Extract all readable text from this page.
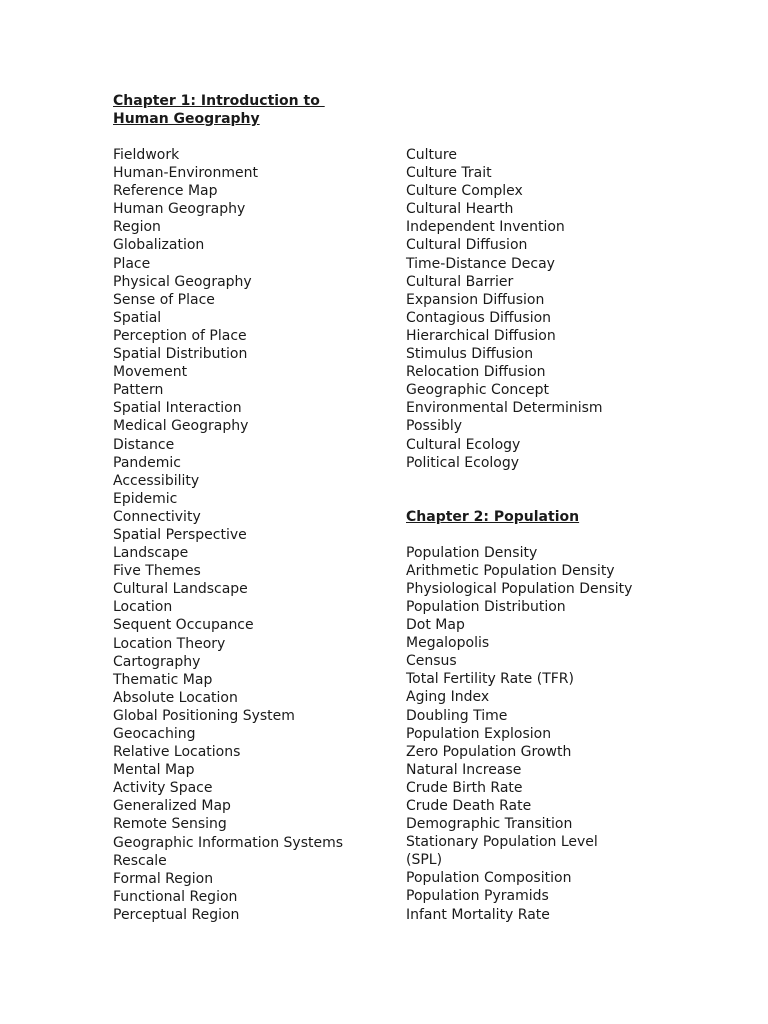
Chapter 1: Introduction to

Human Geography

Fieldwork
Human-Environment
Reference Map
Human Geography
Region
Globalization
Place
Physical Geography
Sense of Place
Spatial
Perception of Place
Spatial Distribution
Movement
Pattern
Spatial Interaction
Medical Geography
Distance
Pandemic
Accessibility
Epidemic
Connectivity
Spatial Perspective
Landscape
Five Themes
Cultural Landscape
Location
Sequent Occupance
Location Theory
Cartography
Thematic Map
Absolute Location
Global Positioning System
Geocaching
Relative Locations
Mental Map
Activity Space
Generalized Map
Remote Sensing
Geographic Information Systems
Rescale
Formal Region
Functional Region
Perceptual Region
Culture
Culture Trait
Culture Complex
Cultural Hearth
Independent Invention
Cultural Diffusion
Time-Distance Decay
Cultural Barrier
Expansion Diffusion
Contagious Diffusion
Hierarchical Diffusion
Stimulus Diffusion
Relocation Diffusion
Geographic Concept
Environmental Determinism
Possibly
Cultural Ecology
Political Ecology

Chapter 2: Population

Population Density
Arithmetic Population Density
Physiological Population Density
Population Distribution
Dot Map
Megalopolis
Census
Total Fertility Rate (TFR)
Aging Index
Doubling Time
Population Explosion
Zero Population Growth
Natural Increase
Crude Birth Rate
Crude Death Rate
Demographic Transition
Stationary Population Level
(SPL)
Population Composition
Population Pyramids
Infant Mortality Rate
